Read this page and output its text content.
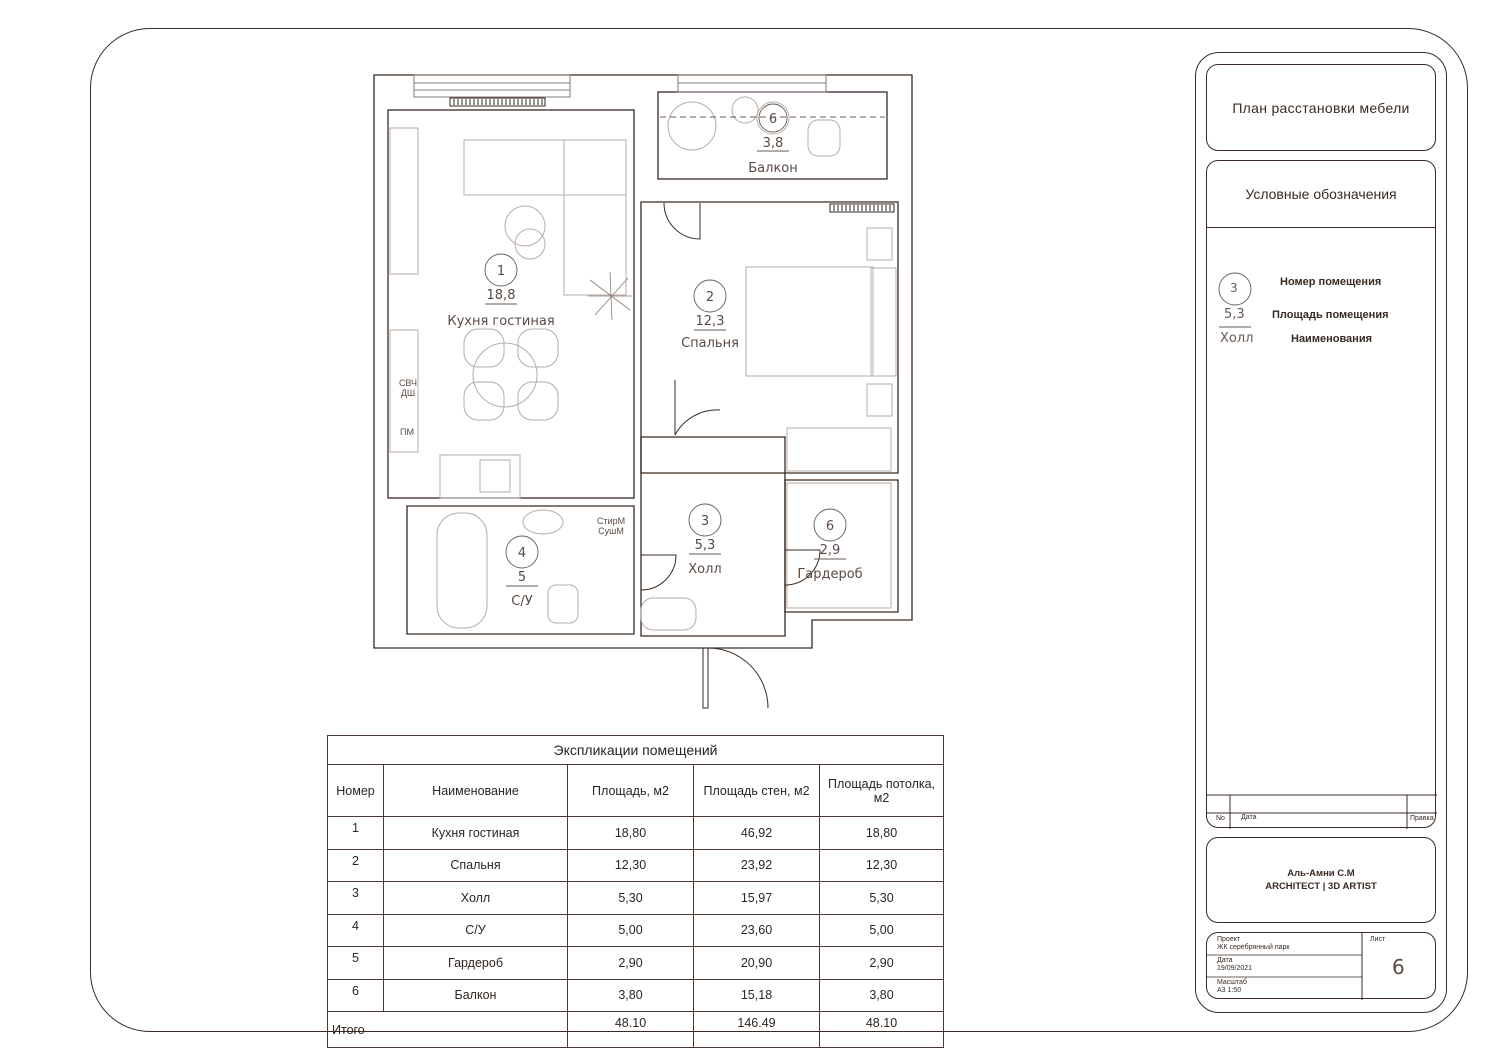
1
18,8
Кухня гостиная
2
12,3
Спальня
3
5,3
Холл
4
5
С/У
6
2,9
Гардероб
6
3,8
Балкон
СВЧ
ДШ
ПМ
СтирМ
СушМ
Экспликации помещений				
Номер	Наименование	Площадь, м2	Площадь стен, м2	Площадь потолка, м2
1	Кухня гостиная	18,80	46,92	18,80
2	Спальня	12,30	23,92	12,30
3	Холл	5,30	15,97	5,30
4	С/У	5,00	23,60	5,00
5	Гардероб	2,90	20,90	2,90
6	Балкон	3,80	15,18	3,80
Итого		48.10	146.49	48.10
План расстановки мебели
Условные обозначения
3
5,3
Холл
Номер помещения
Площадь помещения
Наименования
No Дата	Правка
Аль-Амни С.М
ARCHITECT | 3D ARTIST
Проект
ЖК серебрянный парк
Дата
19/09/2021
Масштаб
А3 1:50
Лист
6
